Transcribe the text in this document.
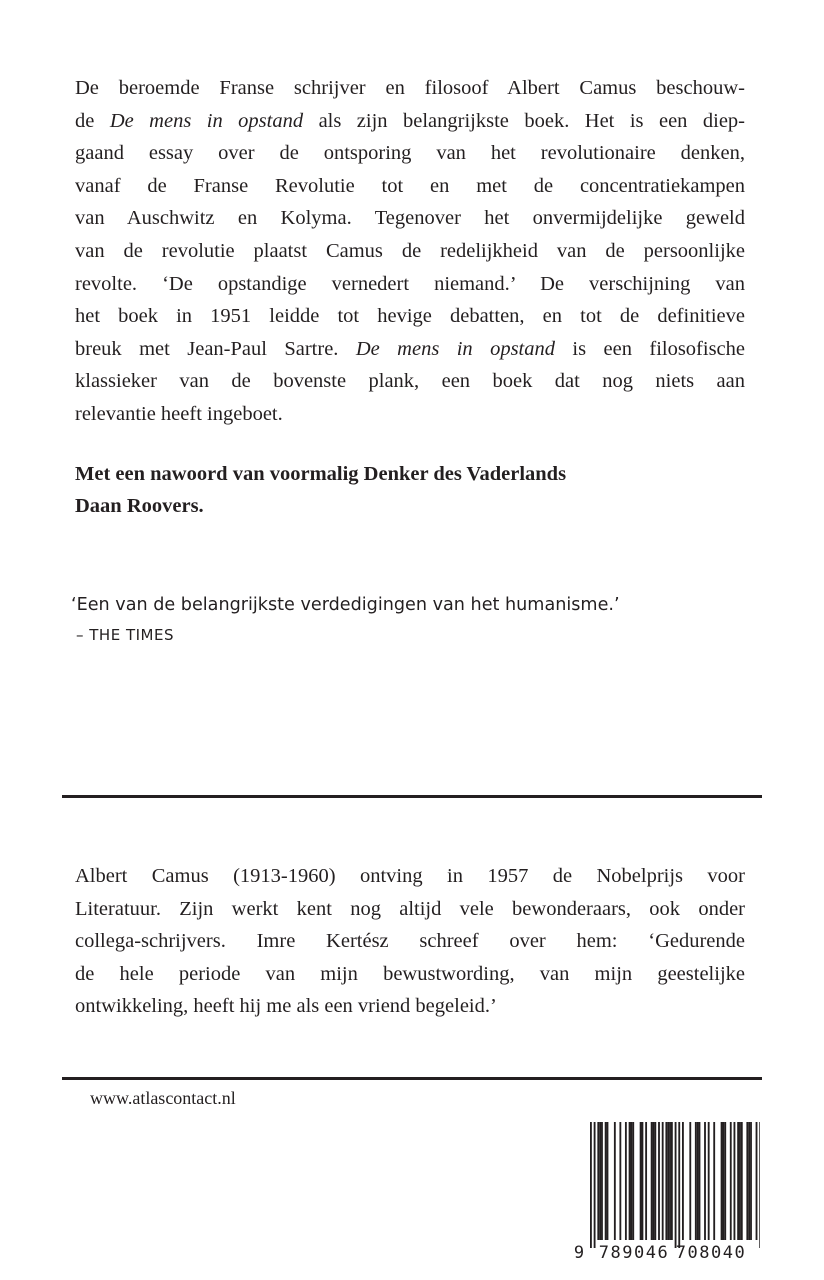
De beroemde Franse schrijver en filosoof Albert Camus beschouw-
de De mens in opstand als zijn belangrijkste boek. Het is een diep-
gaand essay over de ontsporing van het revolutionaire denken,
vanaf de Franse Revolutie tot en met de concentratiekampen
van Auschwitz en Kolyma. Tegenover het onvermijdelijke geweld
van de revolutie plaatst Camus de redelijkheid van de persoonlijke
revolte. ‘De opstandige vernedert niemand.’ De verschijning van
het boek in 1951 leidde tot hevige debatten, en tot de definitieve
breuk met Jean-Paul Sartre. De mens in opstand is een filosofische
klassieker van de bovenste plank, een boek dat nog niets aan
relevantie heeft ingeboet.
Met een nawoord van voormalig Denker des Vaderlands
Daan Roovers.
‘Een van de belangrijkste verdedigingen van het humanisme.’
– THE TIMES
Albert Camus (1913-1960) ontving in 1957 de Nobelprijs voor
Literatuur. Zijn werkt kent nog altijd vele bewonderaars, ook onder
collega-schrijvers. Imre Kertész schreef over hem: ‘Gedurende
de hele periode van mijn bewustwording, van mijn geestelijke
ontwikkeling, heeft hij me als een vriend begeleid.’
www.atlascontact.nl
9 789046 708040
